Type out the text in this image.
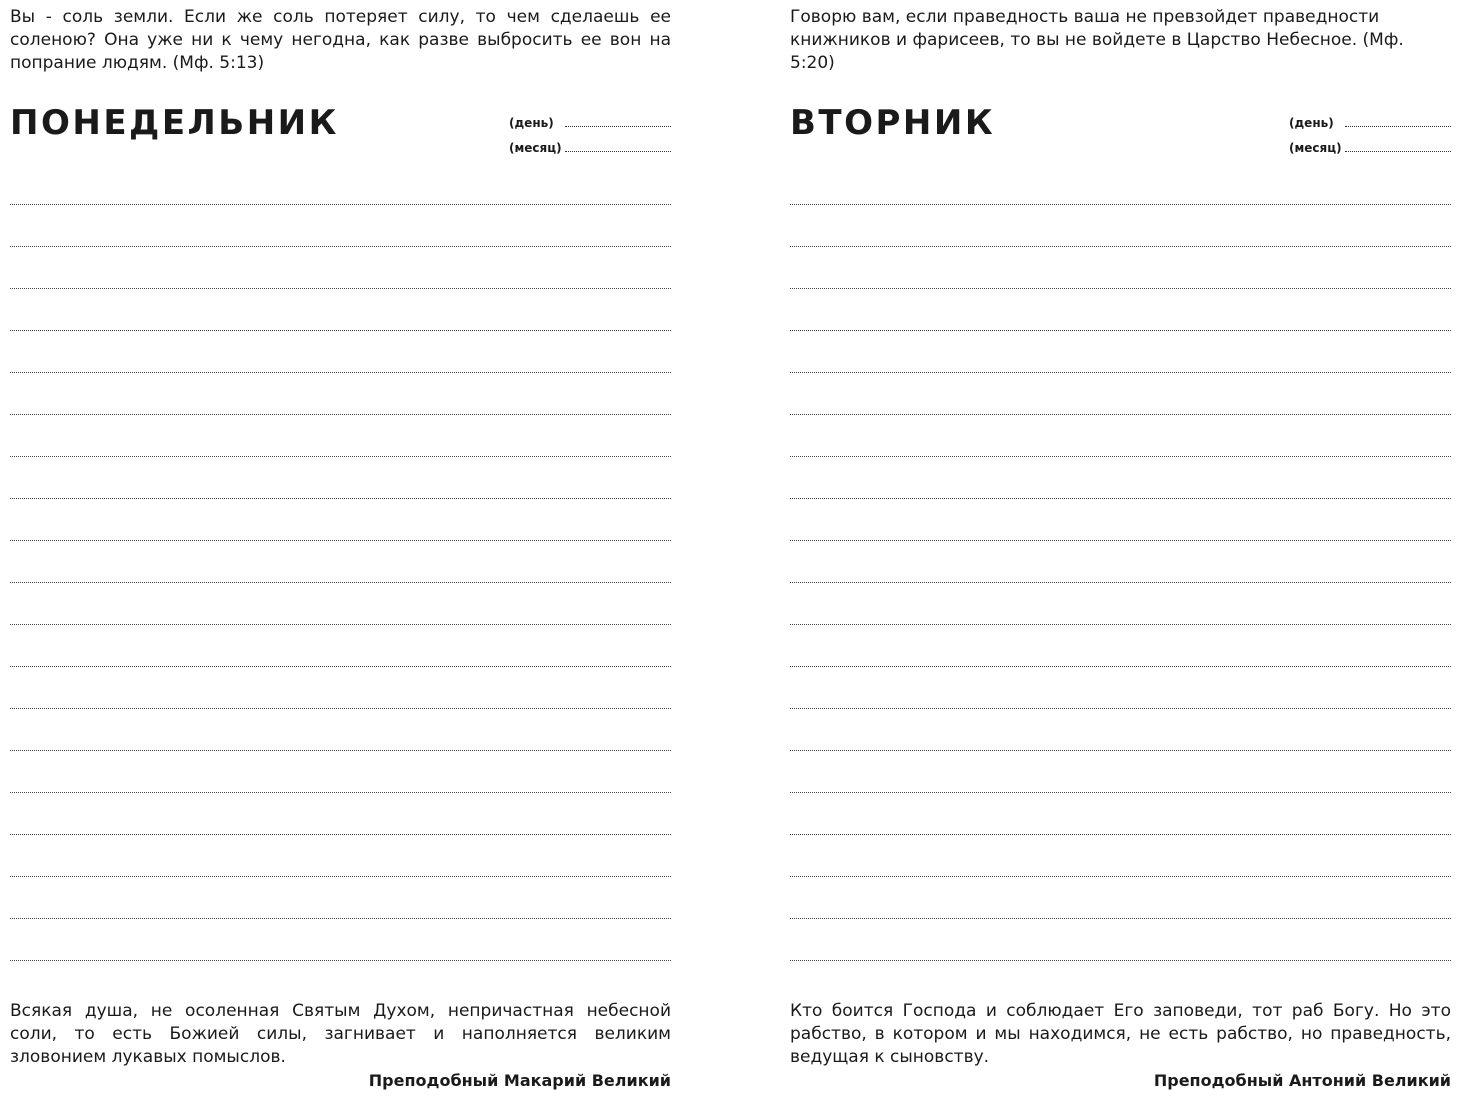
Вы - соль земли. Если же соль потеряет силу, то чем сделаешь ее соленою? Она уже ни к чему негодна, как разве выбросить ее вон на попрание людям. (Мф. 5:13)

ПОНЕДЕЛЬНИК	(день)
(месяц)

Всякая душа, не осоленная Святым Духом, непричастная небесной соли, то есть Божией силы, загнивает и наполняется великим зловонием лукавых помыслов.

Преподобный Макарий Великий

Говорю вам, если праведность ваша не превзойдет праведности книжников и фарисеев, то вы не войдете в Царство Небесное. (Мф. 5:20)

ВТОРНИК	(день)
(месяц)

Кто боится Господа и соблюдает Его заповеди, тот раб Богу. Но это рабство, в котором и мы находимся, не есть рабство, но праведность, ведущая к сыновству.

Преподобный Антоний Великий
